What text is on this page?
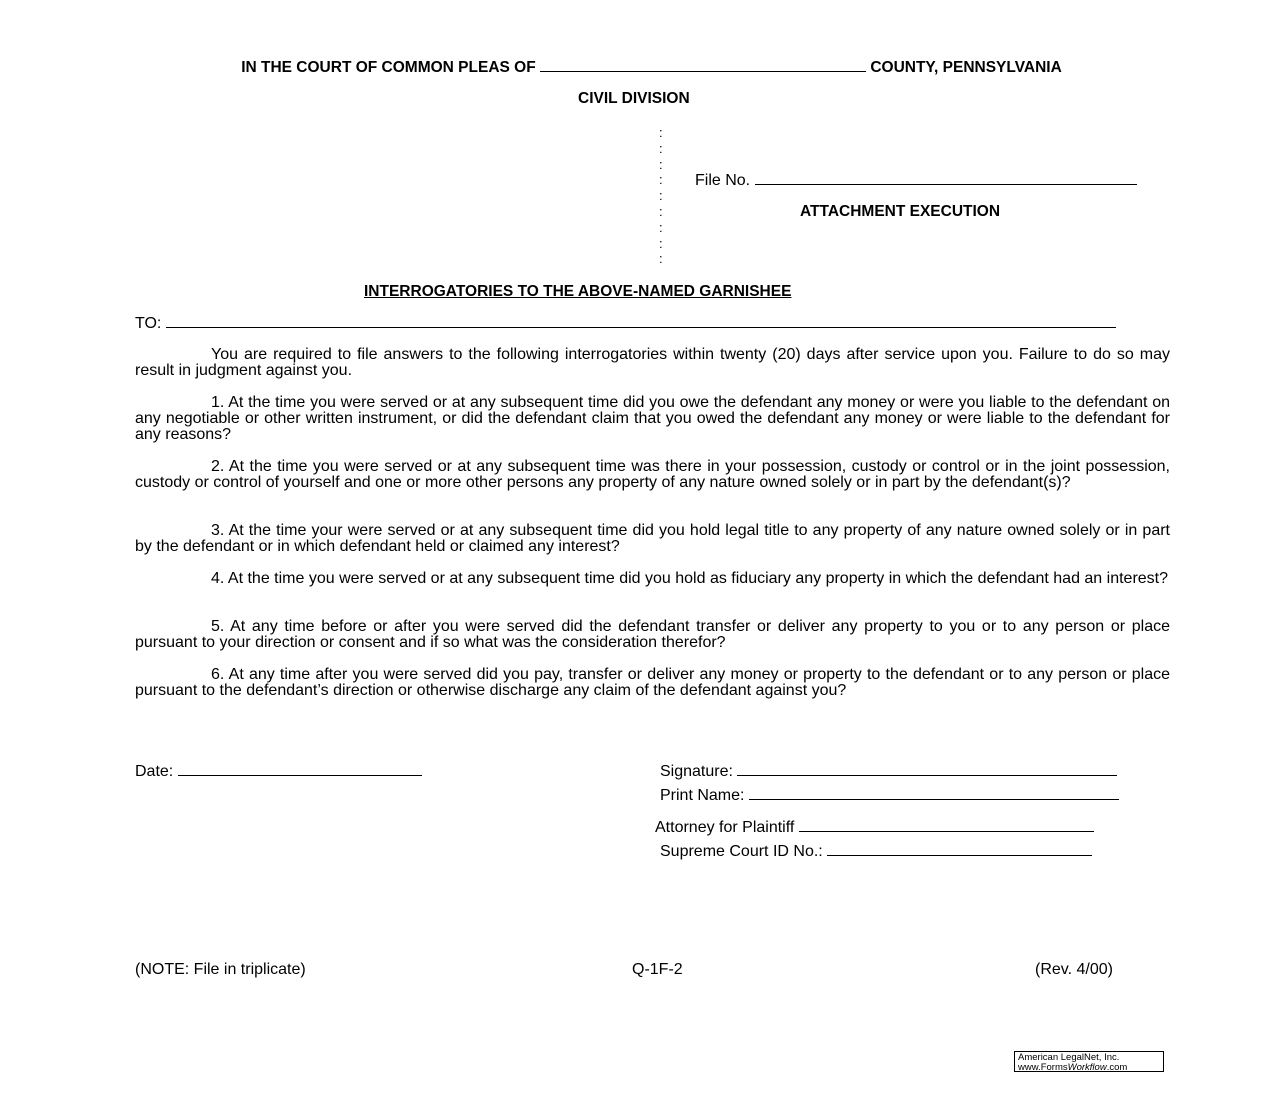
IN THE COURT OF COMMON PLEAS OF	COUNTY, PENNSYLVANIA
CIVIL DIVISION
:
:
:
:
:
:
:
:
:
File No.
ATTACHMENT EXECUTION
INTERROGATORIES TO THE ABOVE-NAMED GARNISHEE
TO:
You are required to file answers to the following interrogatories within twenty (20) days after service upon you. Failure to do so may result in judgment against you.
1. At the time you were served or at any subsequent time did you owe the defendant any money or were you liable to the defendant on any negotiable or other written instrument, or did the defendant claim that you owed the defendant any money or were liable to the defendant for any reasons?
2. At the time you were served or at any subsequent time was there in your possession, custody or control or in the joint possession, custody or control of yourself and one or more other persons any property of any nature owned solely or in part by the defendant(s)?
3. At the time your were served or at any subsequent time did you hold legal title to any property of any nature owned solely or in part by the defendant or in which defendant held or claimed any interest?
4. At the time you were served or at any subsequent time did you hold as fiduciary any property in which the defendant had an interest?
5. At any time before or after you were served did the defendant transfer or deliver any property to you or to any person or place pursuant to your direction or consent and if so what was the consideration therefor?
6. At any time after you were served did you pay, transfer or deliver any money or property to the defendant or to any person or place pursuant to the defendant’s direction or otherwise discharge any claim of the defendant against you?
Date:	Signature:
Print Name:
Attorney for Plaintiff
Supreme Court ID No.:
(NOTE: File in triplicate)	Q-1F-2	(Rev. 4/00)
American LegalNet, Inc.
www.FormsWorkflow.com
